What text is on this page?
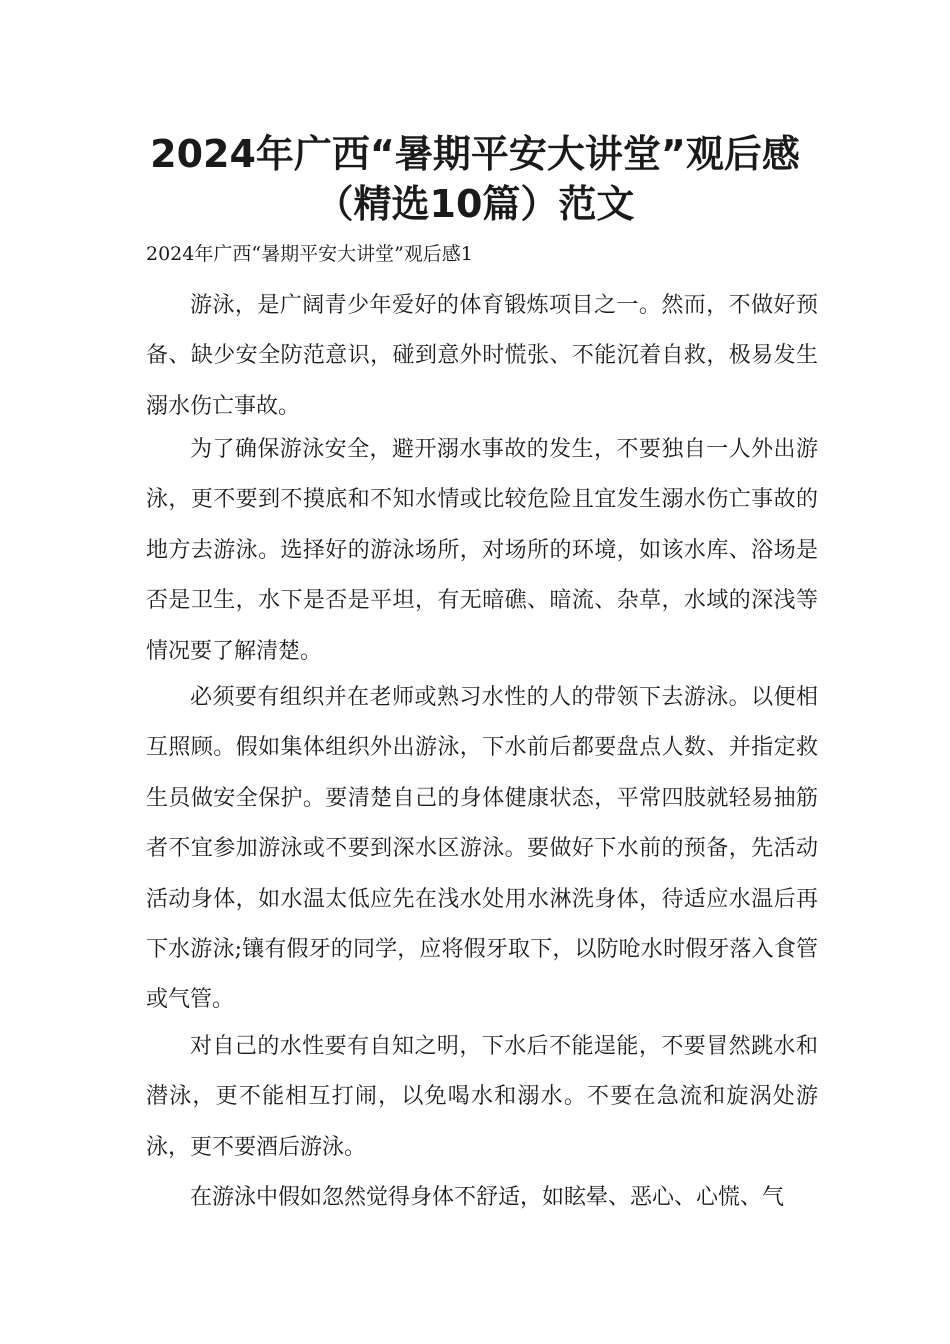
2024年广西“暑期平安大讲堂”观后感
（精选10篇）范文

2024年广西“暑期平安大讲堂”观后感1

游泳，是广阔青少年爱好的体育锻炼项目之一。然而，不做好预备、缺少安全防范意识，碰到意外时慌张、不能沉着自救，极易发生溺水伤亡事故。

为了确保游泳安全，避开溺水事故的发生，不要独自一人外出游泳，更不要到不摸底和不知水情或比较危险且宜发生溺水伤亡事故的地方去游泳。选择好的游泳场所，对场所的环境，如该水库、浴场是否是卫生，水下是否是平坦，有无暗礁、暗流、杂草，水域的深浅等情况要了解清楚。

必须要有组织并在老师或熟习水性的人的带领下去游泳。以便相互照顾。假如集体组织外出游泳，下水前后都要盘点人数、并指定救生员做安全保护。要清楚自己的身体健康状态，平常四肢就轻易抽筋者不宜参加游泳或不要到深水区游泳。要做好下水前的预备，先活动活动身体，如水温太低应先在浅水处用水淋洗身体，待适应水温后再下水游泳;镶有假牙的同学，应将假牙取下，以防呛水时假牙落入食管或气管。

对自己的水性要有自知之明，下水后不能逞能，不要冒然跳水和潜泳，更不能相互打闹，以免喝水和溺水。不要在急流和旋涡处游泳，更不要酒后游泳。

在游泳中假如忽然觉得身体不舒适，如眩晕、恶心、心慌、气
